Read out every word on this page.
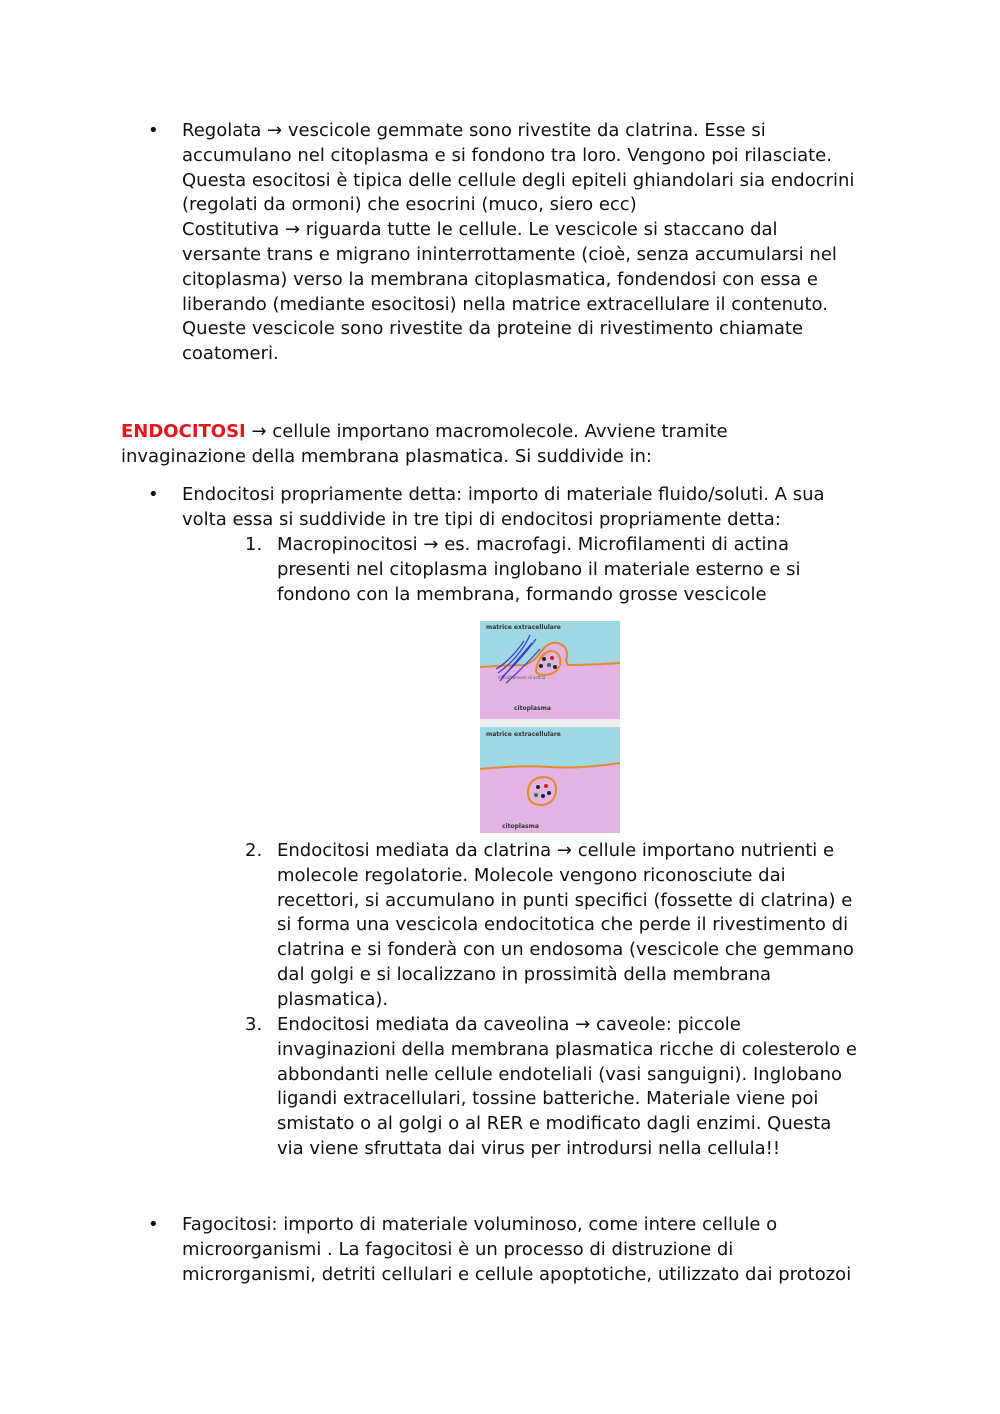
• Regolata → vescicole gemmate sono rivestite da clatrina. Esse si
accumulano nel citoplasma e si fondono tra loro. Vengono poi rilasciate.
Questa esocitosi è tipica delle cellule degli epiteli ghiandolari sia endocrini
(regolati da ormoni) che esocrini (muco, siero ecc)
Costitutiva → riguarda tutte le cellule. Le vescicole si staccano dal
versante trans e migrano ininterrottamente (cioè, senza accumularsi nel
citoplasma) verso la membrana citoplasmatica, fondendosi con essa e
liberando (mediante esocitosi) nella matrice extracellulare il contenuto.
Queste vescicole sono rivestite da proteine di rivestimento chiamate
coatomeri.
ENDOCITOSI → cellule importano macromolecole. Avviene tramite
invaginazione della membrana plasmatica. Si suddivide in:
• Endocitosi propriamente detta: importo di materiale fluido/soluti. A sua
volta essa si suddivide in tre tipi di endocitosi propriamente detta:
1. Macropinocitosi → es. macrofagi. Microfilamenti di actina
presenti nel citoplasma inglobano il materiale esterno e si
fondono con la membrana, formando grosse vescicole
matrice extracellulare
microfilamenti di actina
citoplasma
matrice extracellulare
citoplasma
2. Endocitosi mediata da clatrina → cellule importano nutrienti e
molecole regolatorie. Molecole vengono riconosciute dai
recettori, si accumulano in punti specifici (fossette di clatrina) e
si forma una vescicola endocitotica che perde il rivestimento di
clatrina e si fonderà con un endosoma (vescicole che gemmano
dal golgi e si localizzano in prossimità della membrana
plasmatica).
3. Endocitosi mediata da caveolina → caveole: piccole
invaginazioni della membrana plasmatica ricche di colesterolo e
abbondanti nelle cellule endoteliali (vasi sanguigni). Inglobano
ligandi extracellulari, tossine batteriche. Materiale viene poi
smistato o al golgi o al RER e modificato dagli enzimi. Questa
via viene sfruttata dai virus per introdursi nella cellula!!
• Fagocitosi: importo di materiale voluminoso, come intere cellule o
microorganismi . La fagocitosi è un processo di distruzione di
microrganismi, detriti cellulari e cellule apoptotiche, utilizzato dai protozoi
